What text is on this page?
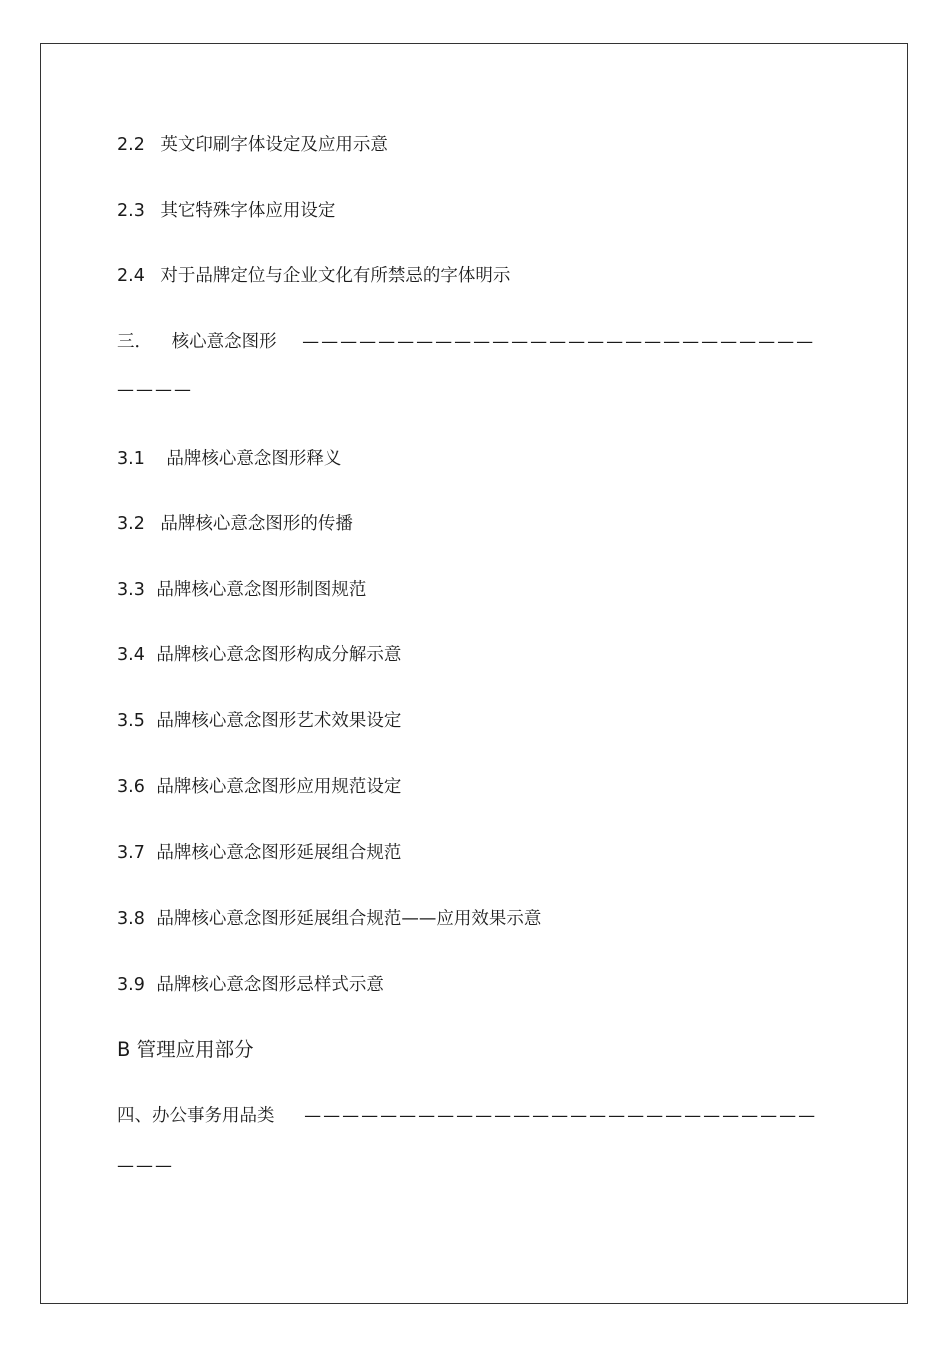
2.2 英文印刷字体设定及应用示意
2.3 其它特殊字体应用设定
2.4 对于品牌定位与企业文化有所禁忌的字体明示
三． 核心意念图形 ———————————————————————————
————
3.1 品牌核心意念图形释义
3.2 品牌核心意念图形的传播
3.3 品牌核心意念图形制图规范
3.4 品牌核心意念图形构成分解示意
3.5 品牌核心意念图形艺术效果设定
3.6 品牌核心意念图形应用规范设定
3.7 品牌核心意念图形延展组合规范
3.8 品牌核心意念图形延展组合规范——应用效果示意
3.9 品牌核心意念图形忌样式示意
B 管理应用部分
四、办公事务用品类 ———————————————————————————
———
